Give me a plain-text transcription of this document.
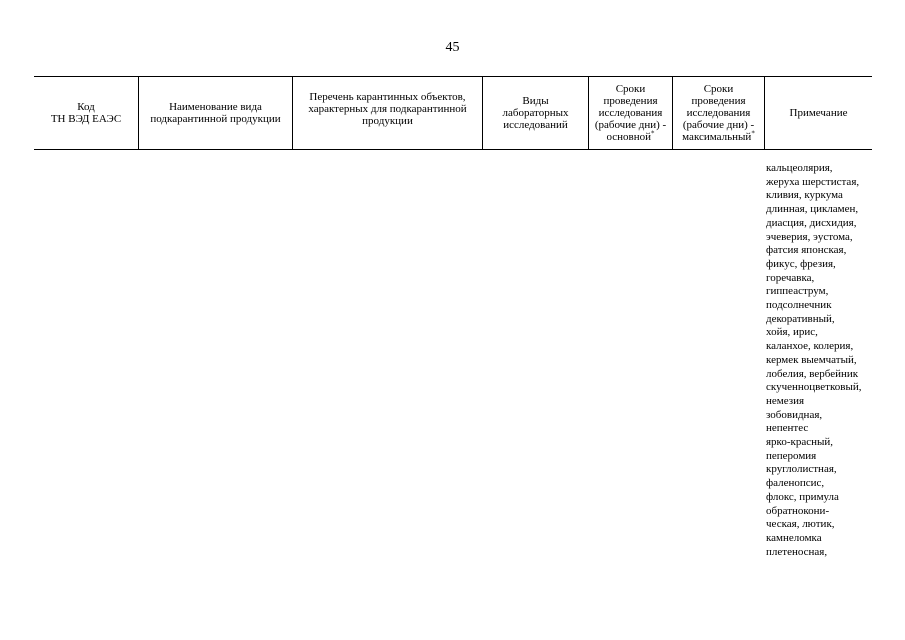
45
Код
ТН ВЭД ЕАЭС
Наименование вида
подкарантинной продукции
Перечень карантинных объектов,
характерных для подкарантинной
продукции
Виды
лабораторных
исследований
Сроки
проведения
исследования
(рабочие дни) -
основной*
Сроки
проведения
исследования
(рабочие дни) -
максимальный*
Примечание
кальцеолярия,
жеруха шерстистая,
кливия, куркума
длинная, цикламен,
диасция, дисхидия,
эчеверия, эустома,
фатсия японская,
фикус, фрезия,
горечавка,
гиппеаструм,
подсолнечник
декоративный,
хойя, ирис,
каланхое, колерия,
кермек выемчатый,
лобелия, вербейник
скученноцветковый,
немезия
зобовидная,
непентес
ярко-красный,
пеперомия
круглолистная,
фаленопсис,
флокс, примула
обратнокони-
ческая, лютик,
камнеломка
плетеносная,
